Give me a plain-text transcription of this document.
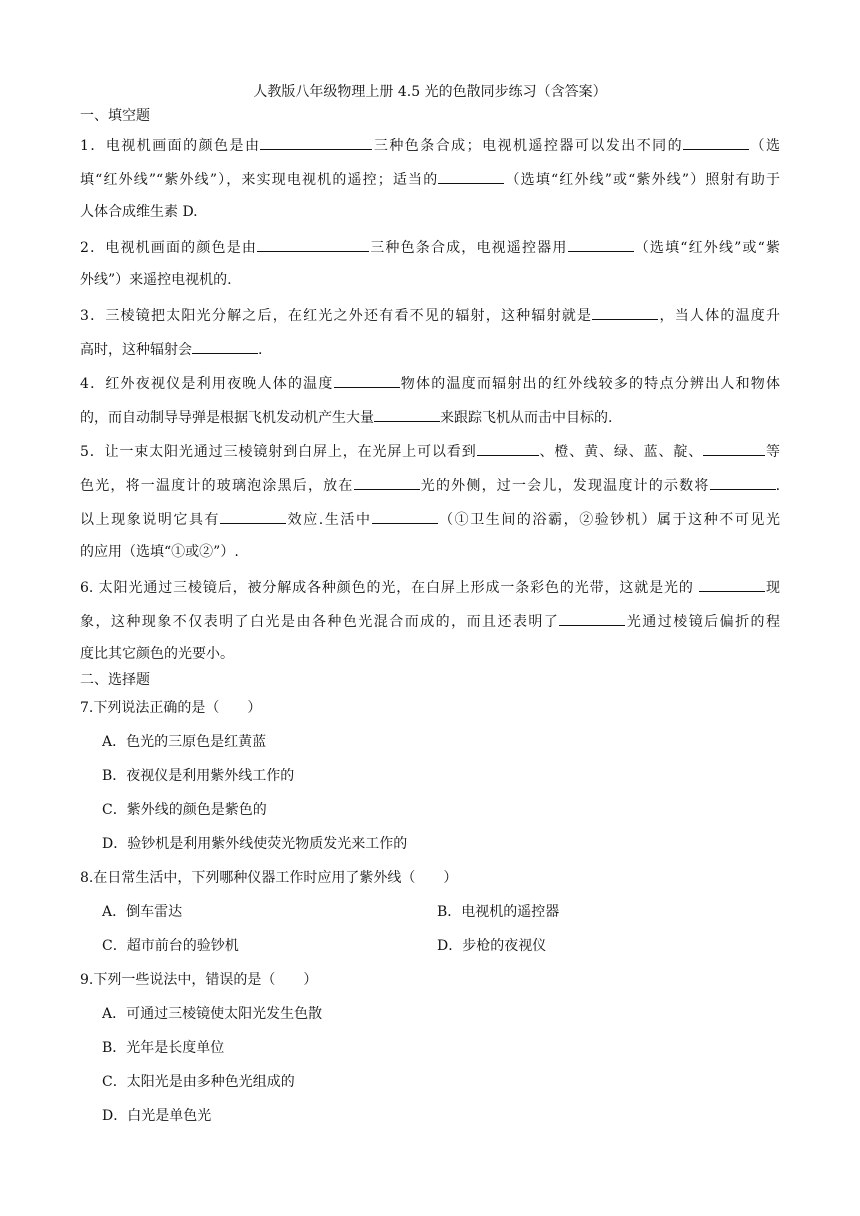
人教版八年级物理上册 4.5 光的色散同步练习（含答案）
一、填空题
1．电视机画面的颜色是由	三种色条合成；电视机遥控器可以发出不同的	（选
填“红外线”“紫外线”），来实现电视机的遥控；适当的	（选填“红外线”或“紫外线”）照射有助于
人体合成维生素 D.
2．电视机画面的颜色是由	三种色条合成，电视遥控器用	（选填“红外线”或“紫
外线”）来遥控电视机的.
3．三棱镜把太阳光分解之后，在红光之外还有看不见的辐射，这种辐射就是	，当人体的温度升
高时，这种辐射会	.
4．红外夜视仪是利用夜晚人体的温度	物体的温度而辐射出的红外线较多的特点分辨出人和物体
的，而自动制导导弹是根据飞机发动机产生大量	来跟踪飞机从而击中目标的.
5．让一束太阳光通过三棱镜射到白屏上，在光屏上可以看到	、橙、黄、绿、蓝、靛、	等
色光，将一温度计的玻璃泡涂黑后，放在	光的外侧，过一会儿，发现温度计的示数将	.
以上现象说明它具有	效应.生活中	（①卫生间的浴霸，②验钞机）属于这种不可见光
的应用（选填“①或②”）.
6. 太阳光通过三棱镜后，被分解成各种颜色的光，在白屏上形成一条彩色的光带，这就是光的	现
象，这种现象不仅表明了白光是由各种色光混合而成的，而且还表明了	光通过棱镜后偏折的程
度比其它颜色的光要小。
二、选择题
7.下列说法正确的是（　　）
A．色光的三原色是红黄蓝
B．夜视仪是利用紫外线工作的
C．紫外线的颜色是紫色的
D．验钞机是利用紫外线使荧光物质发光来工作的
8.在日常生活中，下列哪种仪器工作时应用了紫外线（　　）
A．倒车雷达	B．电视机的遥控器
C．超市前台的验钞机	D．步枪的夜视仪
9.下列一些说法中，错误的是（　　）
A．可通过三棱镜使太阳光发生色散
B．光年是长度单位
C．太阳光是由多种色光组成的
D．白光是单色光
